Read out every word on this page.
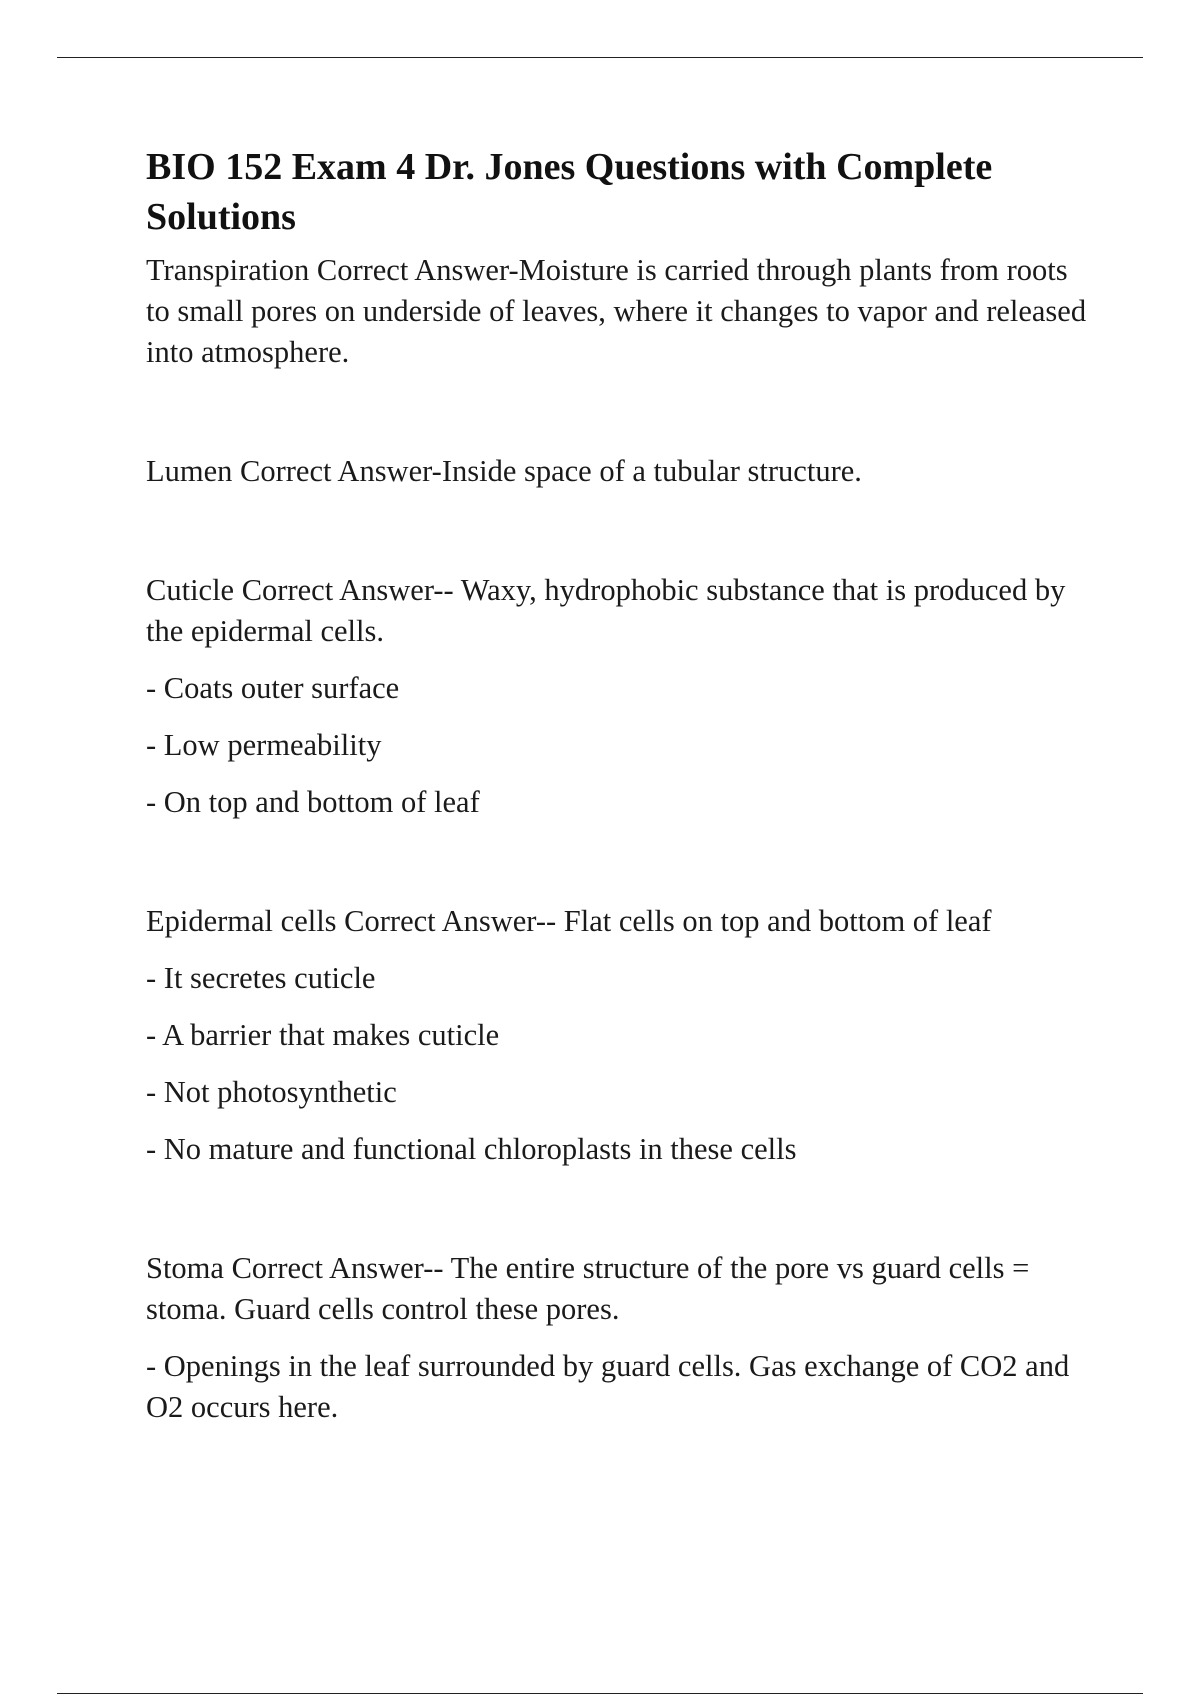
BIO 152 Exam 4 Dr. Jones Questions with Complete Solutions

Transpiration Correct Answer-Moisture is carried through plants from roots to small pores on underside of leaves, where it changes to vapor and released into atmosphere.

Lumen Correct Answer-Inside space of a tubular structure.

Cuticle Correct Answer-- Waxy, hydrophobic substance that is produced by the epidermal cells.

- Coats outer surface

- Low permeability

- On top and bottom of leaf

Epidermal cells Correct Answer-- Flat cells on top and bottom of leaf

- It secretes cuticle

- A barrier that makes cuticle

- Not photosynthetic

- No mature and functional chloroplasts in these cells

Stoma Correct Answer-- The entire structure of the pore vs guard cells = stoma. Guard cells control these pores.

- Openings in the leaf surrounded by guard cells. Gas exchange of CO2 and O2 occurs here.
